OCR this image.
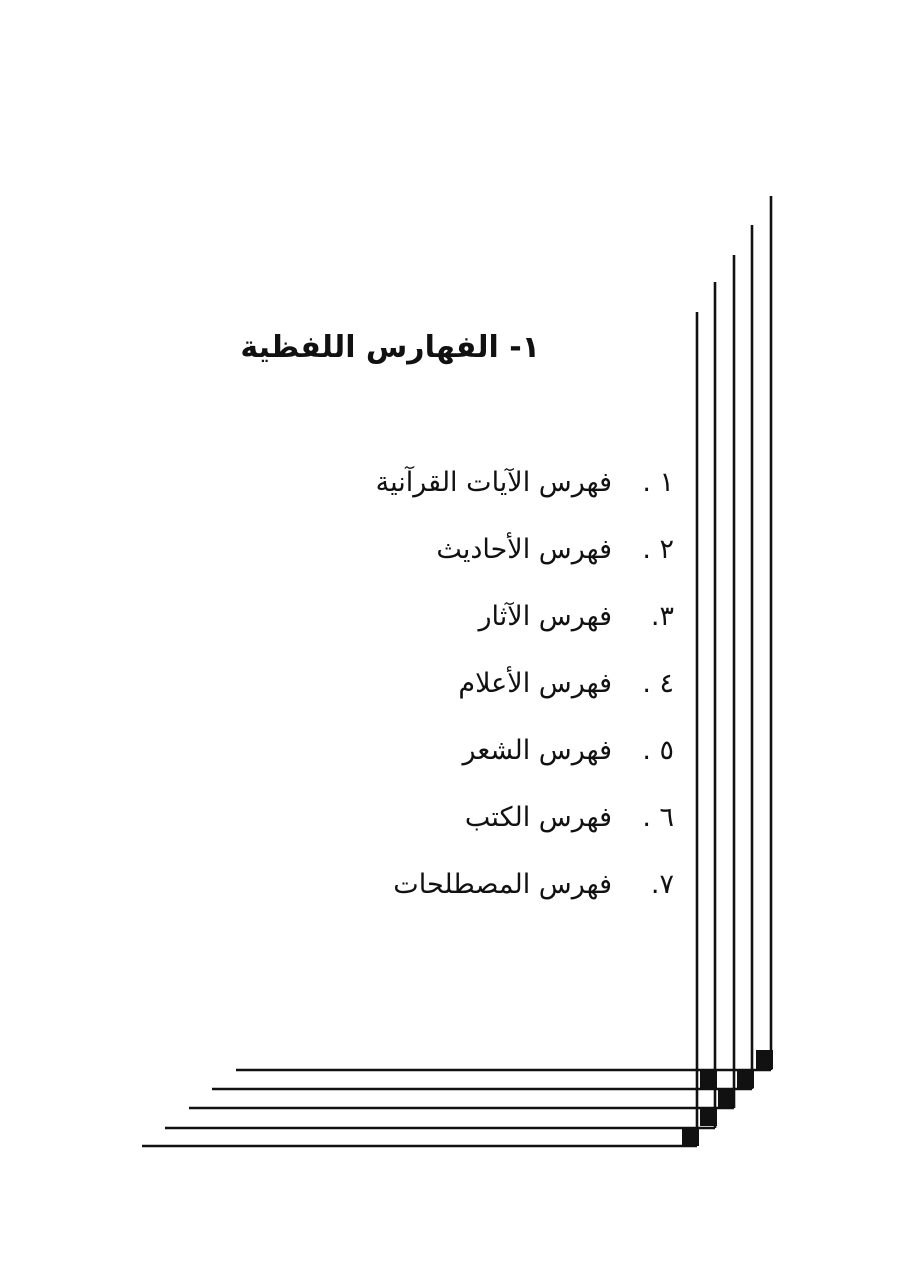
١- الفهارس اللفظية
١ .فهرس الآيات القرآنية
٢ .فهرس الأحاديث
٣.فهرس الآثار
٤ .فهرس الأعلام
٥ .فهرس الشعر
٦ .فهرس الكتب
٧.فهرس المصطلحات
